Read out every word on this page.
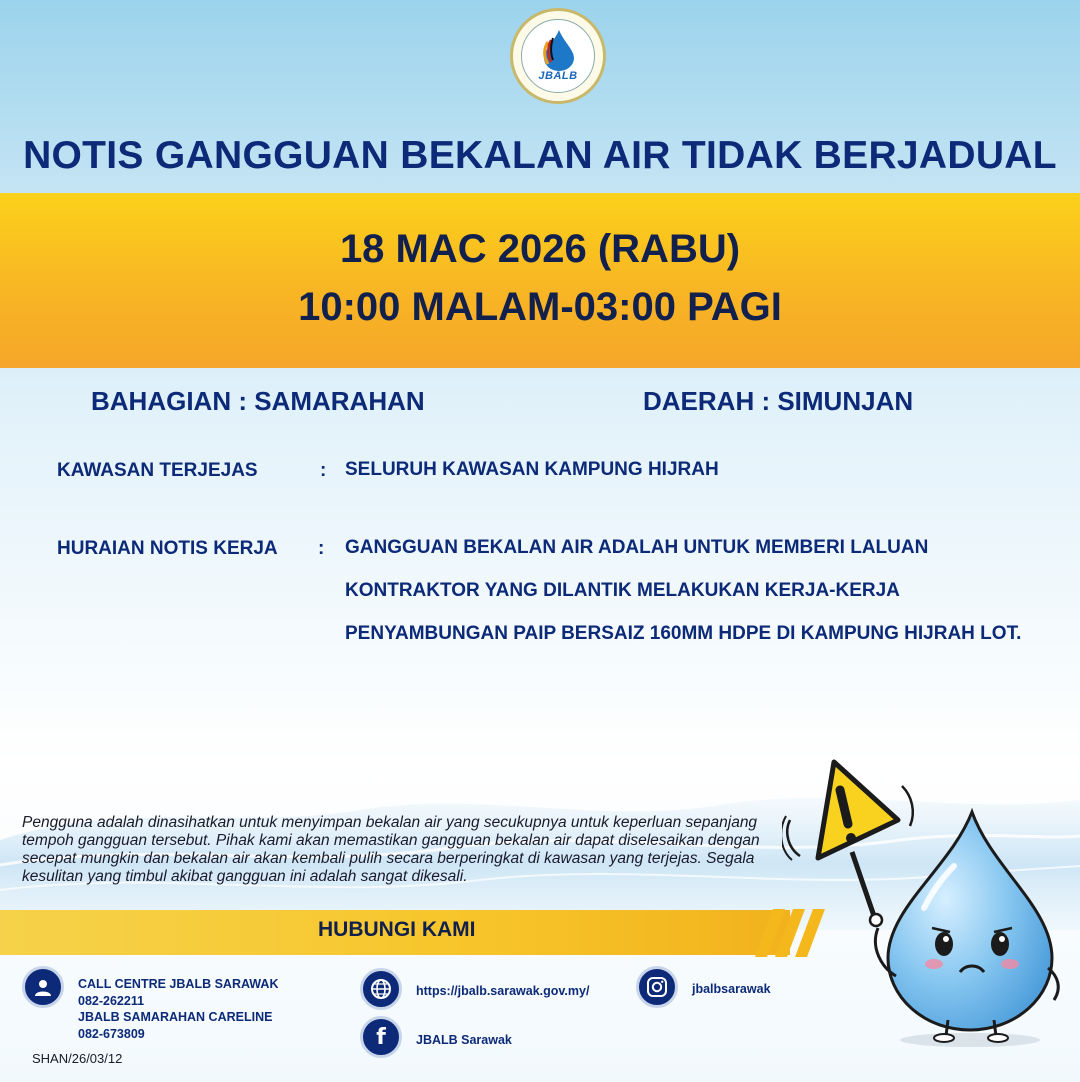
JBALB
NOTIS GANGGUAN BEKALAN AIR TIDAK BERJADUAL
18 MAC 2026 (RABU)
10:00 MALAM-03:00 PAGI
BAHAGIAN : SAMARAHAN	DAERAH : SIMUNJAN
KAWASAN TERJEJAS	: SELURUH KAWASAN KAMPUNG HIJRAH
HURAIAN NOTIS KERJA : GANGGUAN BEKALAN AIR ADALAH UNTUK MEMBERI LALUAN KONTRAKTOR YANG DILANTIK MELAKUKAN KERJA-KERJA PENYAMBUNGAN PAIP BERSAIZ 160MM HDPE DI KAMPUNG HIJRAH LOT.
Pengguna adalah dinasihatkan untuk menyimpan bekalan air yang secukupnya untuk keperluan sepanjang tempoh gangguan tersebut. Pihak kami akan memastikan gangguan bekalan air dapat diselesaikan dengan secepat mungkin dan bekalan air akan kembali pulih secara berperingkat di kawasan yang terjejas. Segala kesulitan yang timbul akibat gangguan ini adalah sangat dikesali.
HUBUNGI KAMI
CALL CENTRE JBALB SARAWAK
082-262211
JBALB SAMARAHAN CARELINE
082-673809
https://jbalb.sarawak.gov.my/
f JBALB Sarawak
jbalbsarawak
SHAN/26/03/12
